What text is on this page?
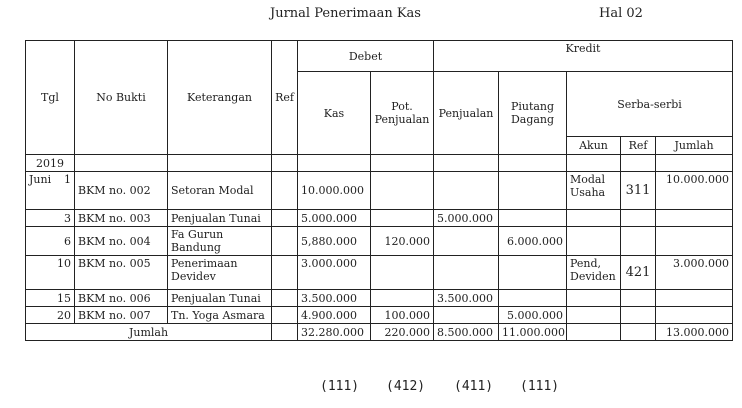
Jurnal Penerimaan Kas	Hal 02
Tgl	No Bukti	Keterangan	Ref	Debet		Kredit				
				Kas	Pot. Penjualan	Penjualan	Piutang Dagang	Serba-serbi		
								Akun	Ref	Jumlah
2019										

Juni 1	BKM no. 002	Setoran Modal		10.000.000				Modal Usaha	311	10.000.000
3	BKM no. 003	Penjualan Tunai		5.000.000		5.000.000				
6	BKM no. 004	Fa Gurun Bandung		5,880.000	120.000		6.000.000			
10	BKM no. 005	Penerimaan Devidev		3.000.000				Pend, Deviden	421	3.000.000
15	BKM no. 006	Penjualan Tunai		3.500.000		3.500.000				
20	BKM no. 007	Tn. Yoga Asmara		4.900.000	100.000		5.000.000			
Jumlah				32.280.000	220.000	8.500.000	11.000.000			13.000.000
(111) (412) (411) (111)
